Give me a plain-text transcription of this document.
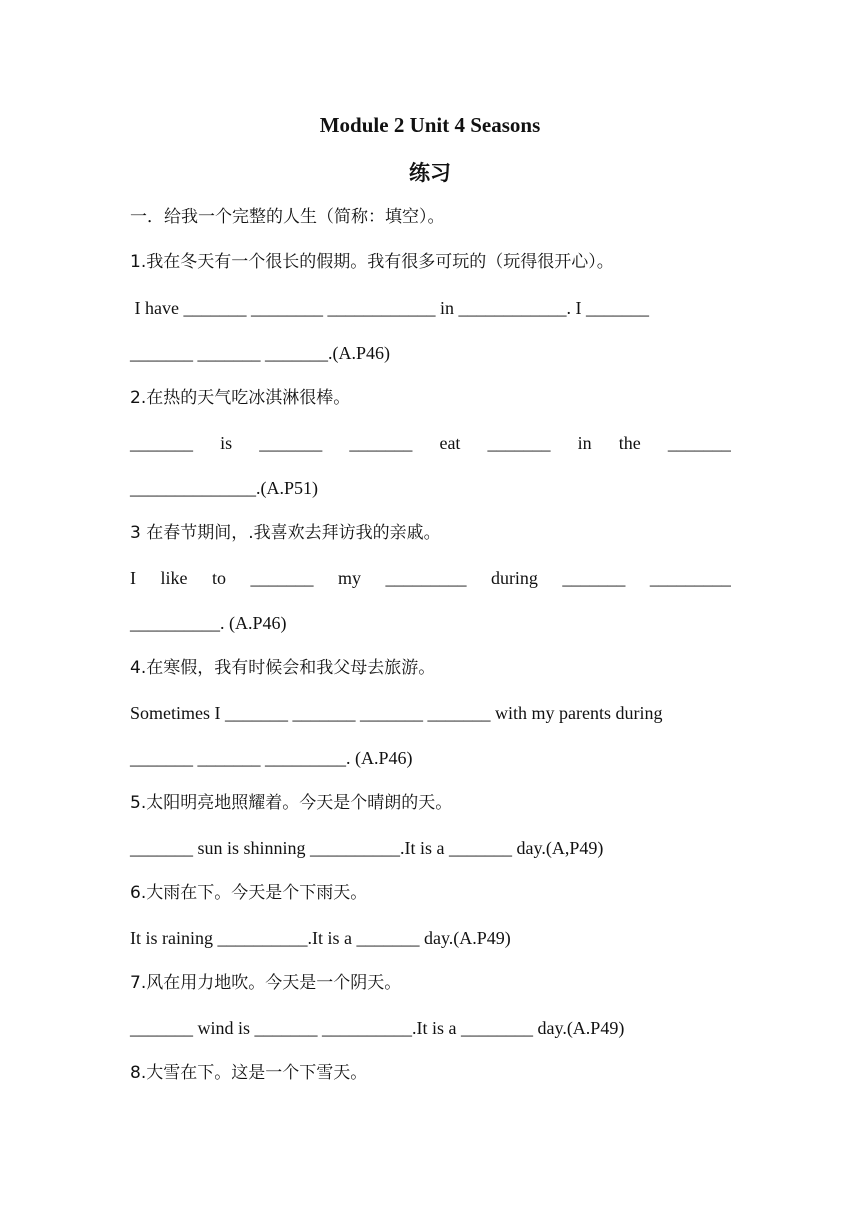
Module 2 Unit 4 Seasons
练习
一．给我一个完整的人生（简称：填空）。
1.我在冬天有一个很长的假期。我有很多可玩的（玩得很开心）。
I have _______ ________ ____________ in ____________. I _______
_______ _______ _______.(A.P46)
2.在热的天气吃冰淇淋很棒。
_______ is _______ _______ eat _______ in the _______
______________.(A.P51)
3 在春节期间，.我喜欢去拜访我的亲戚。
I like to _______ my _________ during _______ _________
__________. (A.P46)
4.在寒假，我有时候会和我父母去旅游。
Sometimes I _______ _______ _______ _______ with my parents during
_______ _______ _________. (A.P46)
5.太阳明亮地照耀着。今天是个晴朗的天。
_______ sun is shinning __________.It is a _______ day.(A,P49)
6.大雨在下。今天是个下雨天。
It is raining __________.It is a _______ day.(A.P49)
7.风在用力地吹。今天是一个阴天。
_______ wind is _______ __________.It is a ________ day.(A.P49)
8.大雪在下。这是一个下雪天。
